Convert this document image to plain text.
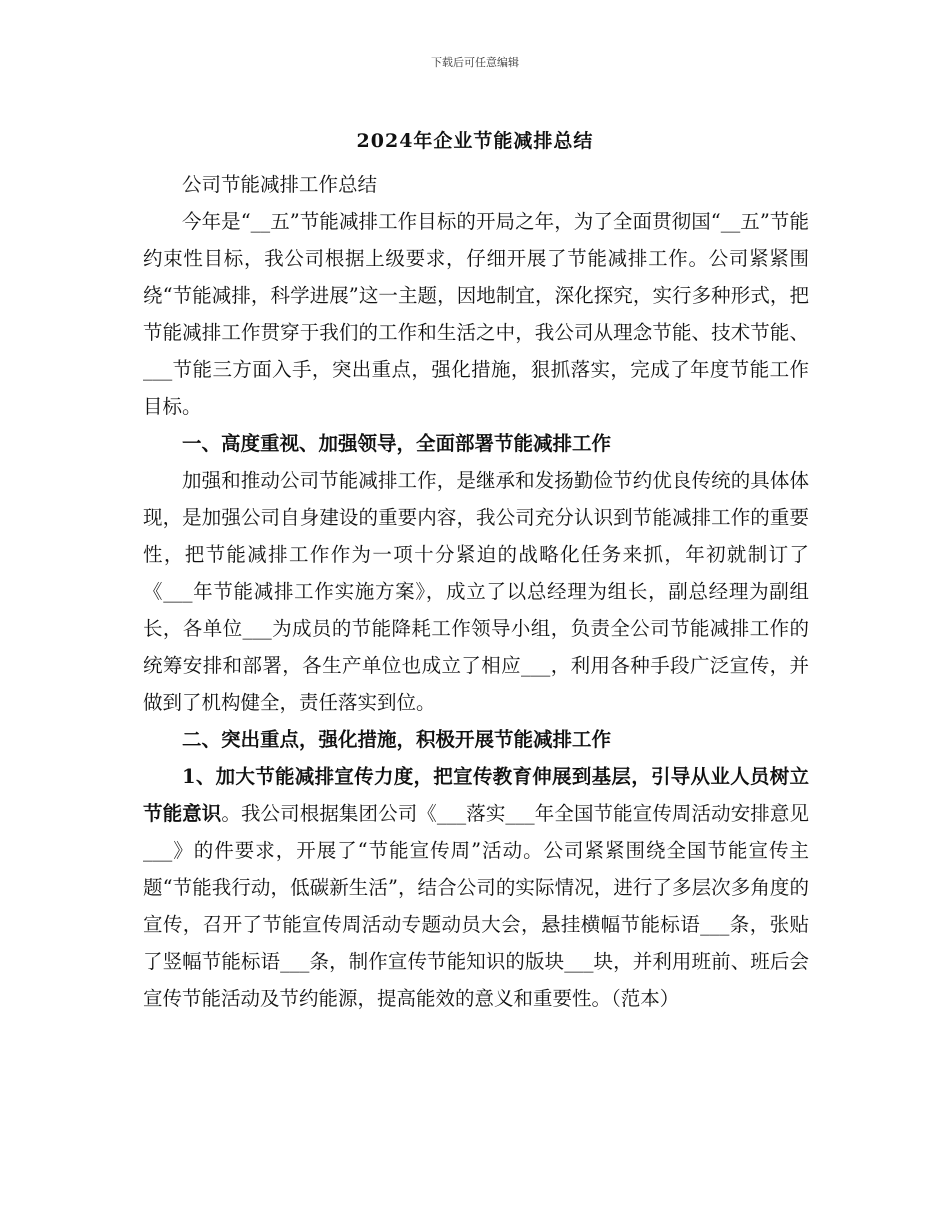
下载后可任意编辑
2024年企业节能减排总结

公司节能减排工作总结

今年是“__五”节能减排工作目标的开局之年，为了全面贯彻国“__五”节能约束性目标，我公司根据上级要求，仔细开展了节能减排工作。公司紧紧围绕“节能减排，科学进展”这一主题，因地制宜，深化探究，实行多种形式，把节能减排工作贯穿于我们的工作和生活之中，我公司从理念节能、技术节能、___节能三方面入手，突出重点，强化措施，狠抓落实，完成了年度节能工作目标。

一、高度重视、加强领导，全面部署节能减排工作

加强和推动公司节能减排工作，是继承和发扬勤俭节约优良传统的具体体现，是加强公司自身建设的重要内容，我公司充分认识到节能减排工作的重要性，把节能减排工作作为一项十分紧迫的战略化任务来抓，年初就制订了《___年节能减排工作实施方案》，成立了以总经理为组长，副总经理为副组长，各单位___为成员的节能降耗工作领导小组，负责全公司节能减排工作的统筹安排和部署，各生产单位也成立了相应___，利用各种手段广泛宣传，并做到了机构健全，责任落实到位。

二、突出重点，强化措施，积极开展节能减排工作

1、加大节能减排宣传力度，把宣传教育伸展到基层，引导从业人员树立节能意识。我公司根据集团公司《___落实___年全国节能宣传周活动安排意见___》的件要求，开展了“节能宣传周”活动。公司紧紧围绕全国节能宣传主题“节能我行动，低碳新生活”，结合公司的实际情况，进行了多层次多角度的宣传，召开了节能宣传周活动专题动员大会，悬挂横幅节能标语___条，张贴了竖幅节能标语___条，制作宣传节能知识的版块___块，并利用班前、班后会宣传节能活动及节约能源，提高能效的意义和重要性。（范本）
